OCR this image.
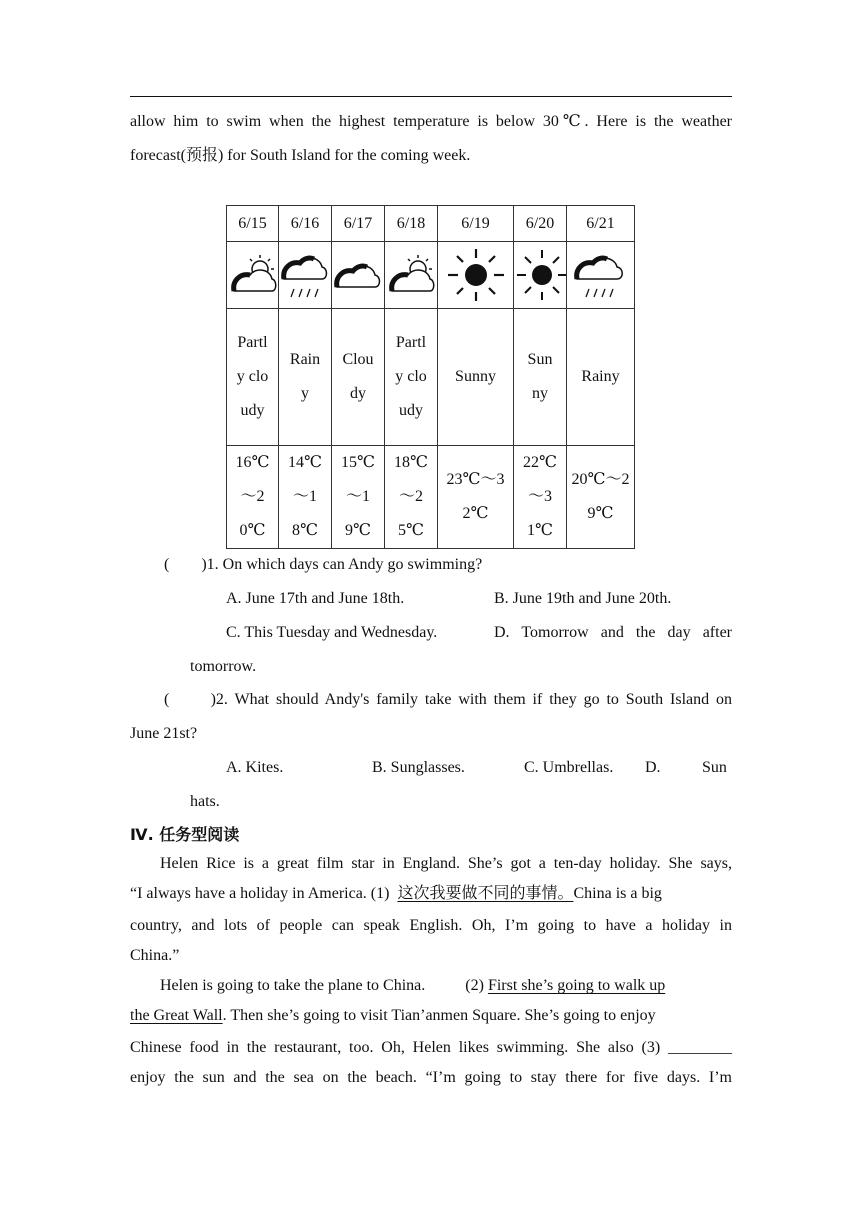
allow him to swim when the highest temperature is below 30℃. Here is the weather
forecast(预报) for South Island for the coming week.
6/15	6/16	6/17	6/18	6/19	6/20	6/21

Partly cloudy	Rainy	Cloudy	Partly cloudy	Sunny	Sunny	Rainy
16℃～20℃	14℃～18℃	15℃～19℃	18℃～25℃	23℃～32℃	22℃～31℃	20℃～29℃
(        )1. On which days can Andy go swimming?
A. June 17th and June 18th.	B. June 19th and June 20th.
C. This Tuesday and Wednesday.	D. Tomorrow and the day after
tomorrow.
(      )2. What should Andy's family take with them if they go to South Island on
June 21st?
A. Kites.	B. Sunglasses.	C. Umbrellas. D.	Sun
hats.
Ⅳ. 任务型阅读
Helen Rice is a great film star in England. She’s got a ten-day holiday. She says,
“I always have a holiday in America. (1)  这次我要做不同的事情。China is a big
country, and lots of people can speak English. Oh, I’m going to have a holiday in
China.”
Helen is going to take the plane to China.          (2) First she’s going to walk up
the Great Wall. Then she’s going to visit Tian’anmen Square. She’s going to enjoy
Chinese food in the restaurant, too. Oh, Helen likes swimming. She also (3) ________
enjoy the sun and the sea on the beach. “I’m going to stay there for five days. I’m
